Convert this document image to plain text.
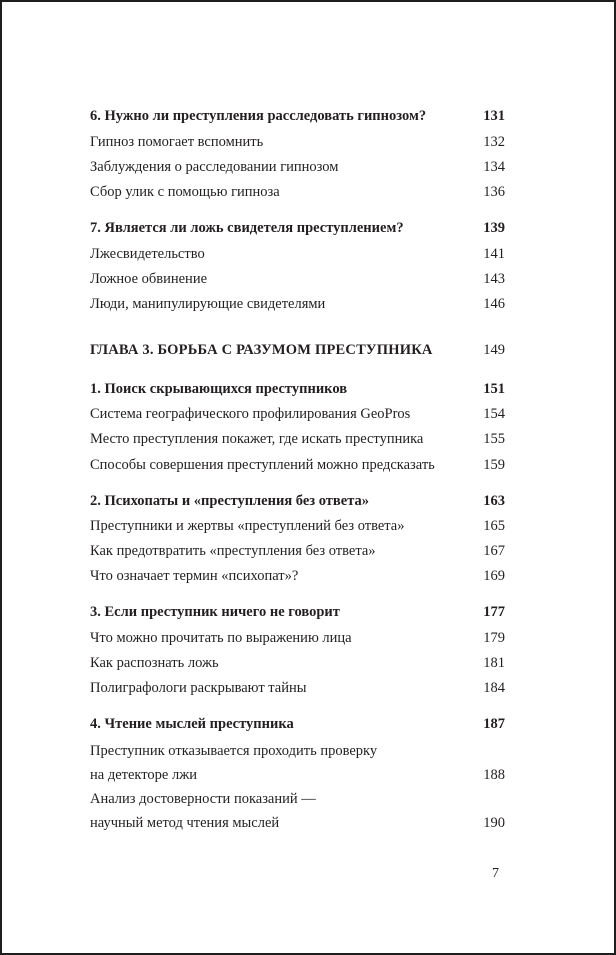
6. Нужно ли преступления расследовать гипнозом?	131
Гипноз помогает вспомнить	132
Заблуждения о расследовании гипнозом	134
Сбор улик с помощью гипноза	136
7. Является ли ложь свидетеля преступлением?	139
Лжесвидетельство	141
Ложное обвинение	143
Люди, манипулирующие свидетелями	146
ГЛАВА 3. БОРЬБА С РАЗУМОМ ПРЕСТУПНИКА	149
1. Поиск скрывающихся преступников	151
Система географического профилирования GeoPros	154
Место преступления покажет, где искать преступника	155
Способы совершения преступлений можно предсказать	159
2. Психопаты и «преступления без ответа»	163
Преступники и жертвы «преступлений без ответа»	165
Как предотвратить «преступления без ответа»	167
Что означает термин «психопат»?	169
3. Если преступник ничего не говорит	177
Что можно прочитать по выражению лица	179
Как распознать ложь	181
Полиграфологи раскрывают тайны	184
4. Чтение мыслей преступника	187
Преступник отказывается проходить проверку
на детекторе лжи	188
Анализ достоверности показаний —
научный метод чтения мыслей	190
7
